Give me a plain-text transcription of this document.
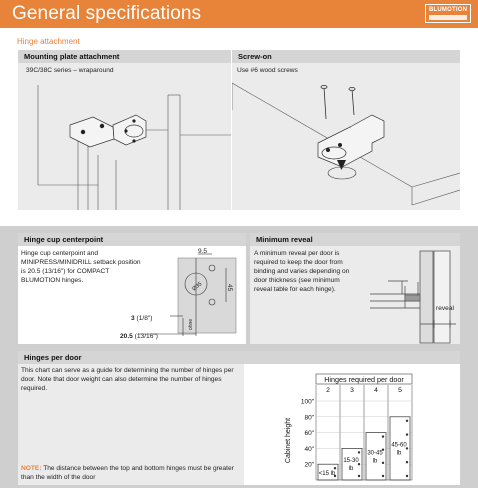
General specifications	BLUMOTION
Hinge attachment
Mounting plate attachment
39C/38C series – wraparound
Screw-on
Use #6 wood screws
Hinge cup centerpoint
Hinge cup centerpoint and MINIPRESS/MINIDRILL setback position is 20.5 (13/16") for COMPACT BLUMOTION hinges.
9.5
45
Ø35
ohne
3 (1/8")
20.5 (13/16")
Minimum reveal
A minimum reveal per door is required to keep the door from binding and varies depending on door thickness (see minimum reveal table for each hinge).
reveal
Hinges per door
This chart can serve as a guide for determining the number of hinges per door. Note that door weight can also determine the number of hinges required.
NOTE: The distance between the top and bottom hinges must be greater than the width of the door
Hinges required per door
2	3	4	5
100"
80"
60"
40"
20"
Cabinet height
<15 lb
15-30
lb
30-45
lb
45-60
lb
